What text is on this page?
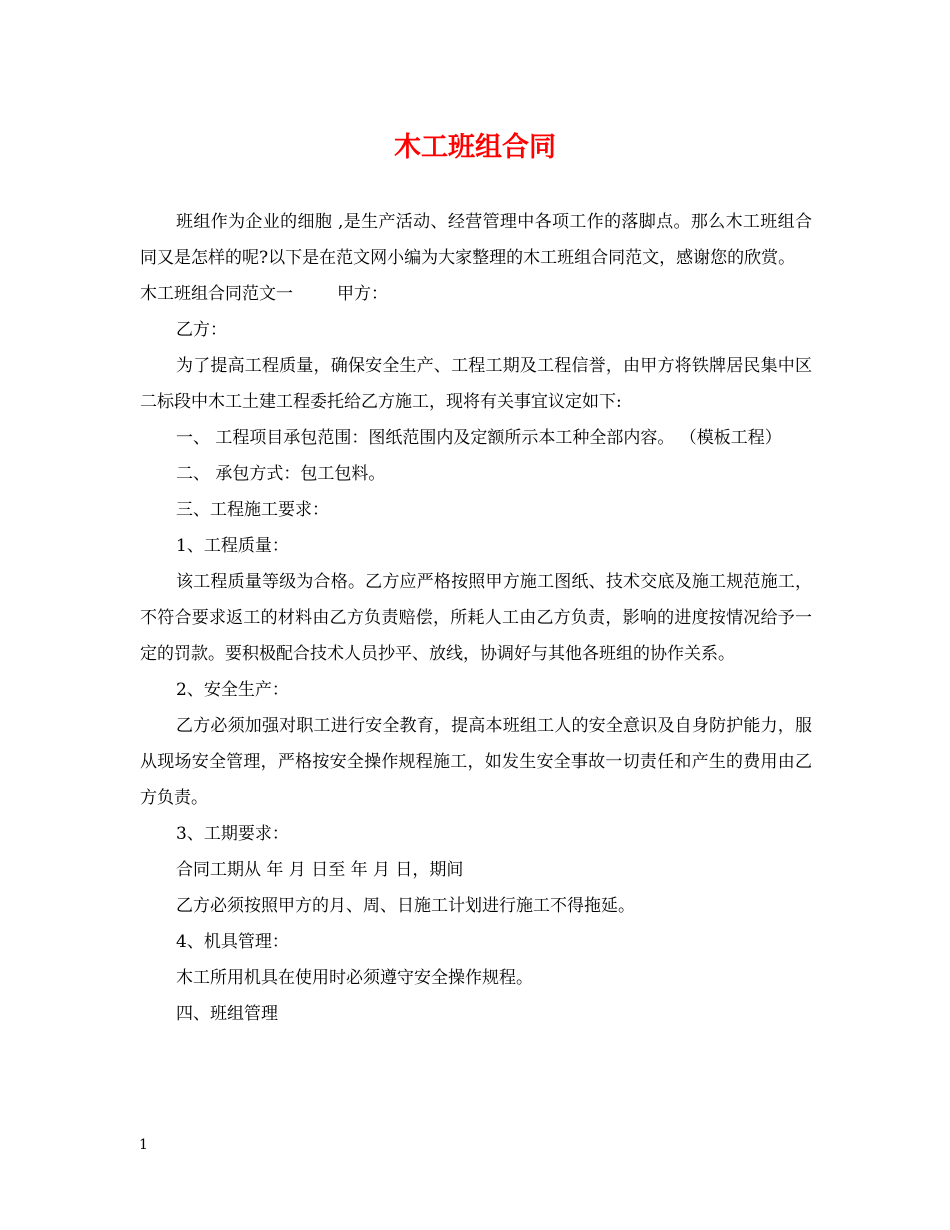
木工班组合同

班组作为企业的细胞 ,是生产活动、经营管理中各项工作的落脚点。那么木工班组合同又是怎样的呢?以下是在范文网小编为大家整理的木工班组合同范文，感谢您的欣赏。

木工班组合同范文一	甲方：

乙方：

为了提高工程质量，确保安全生产、工程工期及工程信誉，由甲方将铁牌居民集中区二标段中木工土建工程委托给乙方施工，现将有关事宜议定如下:

一、 工程项目承包范围：图纸范围内及定额所示本工种全部内容。 （模板工程）

二、 承包方式：包工包料。

三、工程施工要求：

1、工程质量：

该工程质量等级为合格。乙方应严格按照甲方施工图纸、技术交底及施工规范施工，不符合要求返工的材料由乙方负责赔偿，所耗人工由乙方负责，影响的进度按情况给予一定的罚款。要积极配合技术人员抄平、放线，协调好与其他各班组的协作关系。

2、安全生产：

乙方必须加强对职工进行安全教育，提高本班组工人的安全意识及自身防护能力，服从现场安全管理，严格按安全操作规程施工，如发生安全事故一切责任和产生的费用由乙方负责。

3、工期要求：

合同工期从 年 月 日至 年 月 日，期间

乙方必须按照甲方的月、周、日施工计划进行施工不得拖延。

4、机具管理：

木工所用机具在使用时必须遵守安全操作规程。

四、班组管理

1
